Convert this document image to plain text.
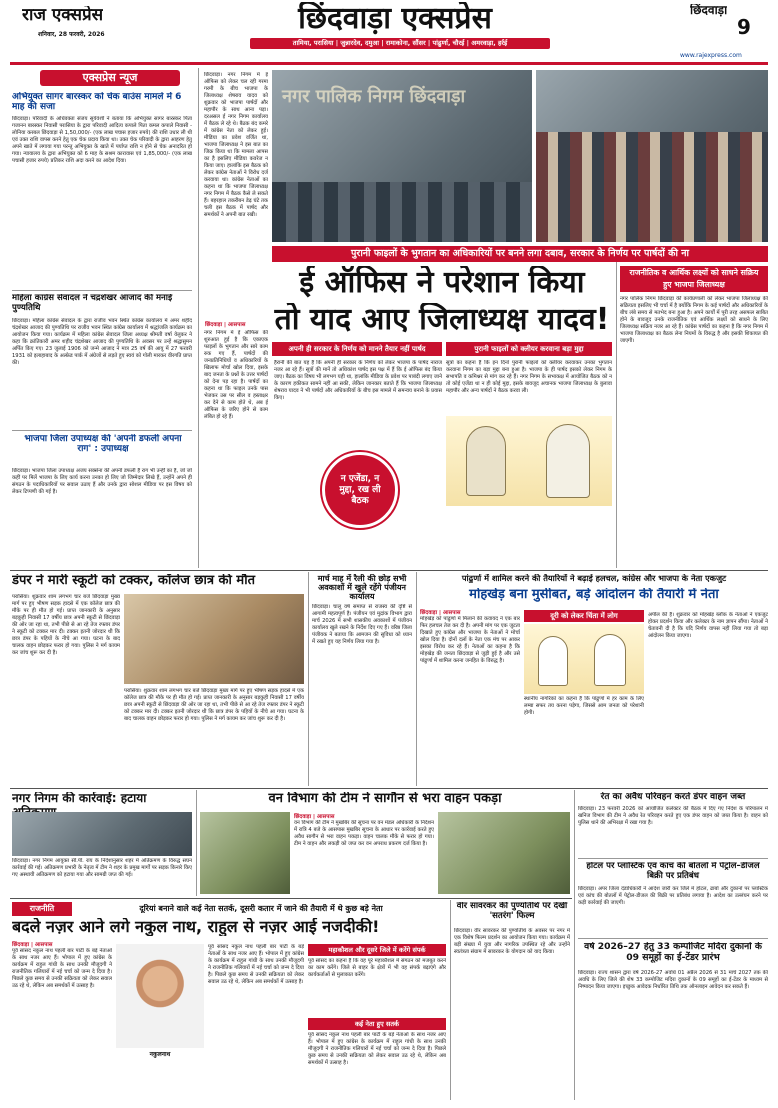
राज एक्सप्रेस
शनिवार, 28 फरवरी, 2026	छिंदवाड़ा एक्सप्रेस
तामिया, परासिया | जुन्नारदेव, दमुआ | रामाकोना, सौंसर | पांढुर्णा, चौरई | अमरवाड़ा, हर्रई
छिंदवाड़ा
9
www.rajexpress.com
एक्सप्रेस न्यूज
अभियुक्त सागर बारस्कर को चेक बाउंस मामले में 6 माह की सजा
छिंदवाड़ा। परिवादी के अधिवक्ता संजय सूर्यवंशी ने बताया कि अभियुक्त सागर बारस्कर पिता गजानन बारस्कर निवासी परासिया के द्वारा परिवादी आदित्य कपाले पिता कमल कपाले निवासी - लोनिया करबल छिंदवाड़ा से 1,50,000/- (एक लाख पचास हजार रुपये) की राशि उधार ली थी एवं उक्त राशि वापस करने हेतु एक चेक प्रदाय किया था। उक्त चेक परिवादी के द्वारा आहरण हेतु अपने खाते में लगाया गया परन्तु अभियुक्त के खाते में पर्याप्त राशि न होने से चेक अनादरित हो गया। न्यायालय के द्वारा अभियुक्त को 6 माह के सश्रम कारावास एवं 1,85,000/- (एक लाख पचासी हजार रुपये) प्रतिकर राशि अदा करने का आदेश दिया।
महिला कांग्रेस सेवादल ने चंद्रशेखर आजाद की मनाई पुण्यतिथि
छिंदवाड़ा। महिला कांग्रेस सेवादल के द्वारा राजीव भवन स्थित कांग्रेस कार्यालय में अमर शहीद चंद्रशेखर आजाद की पुण्यतिथि पर राजीव भवन स्थित कांग्रेस कार्यालय में श्रद्धांजलि कार्यक्रम का आयोजन किया गया। कार्यक्रम में महिला कांग्रेस सेवादल जिला अध्यक्ष श्रीमती वर्षा वेलुकर ने कहा कि क्रांतिकारी अमर शहीद चंद्रशेखर आजाद की पुण्यतिथि के अवसर पर उन्हें श्रद्धासुमन अर्पित किए गए। 23 जुलाई 1906 को जन्मे आजाद ने मात्र 25 वर्ष की आयु में 27 फरवरी 1931 को इलाहाबाद के अल्फ्रेड पार्क में अंग्रेजों से लड़ते हुए स्वयं को गोली मारकर वीरगति प्राप्त की।
भाजपा जिला उपाध्यक्ष की 'अपनी डफली अपना राग' : उपाध्यक्ष
छिंदवाड़ा। भाजपा जिला उपाध्यक्ष अजय सक्सेना की अपनी डफली है राग भी उन्हीं का है, जो जो कहीं पर मिलें भाजपा के लिए कार्य करना उनका हो लिए जो जिम्मेदार लिखे हैं, उन्होंने अपने ही संगठन के पदाधिकारियों पर सवाल उठाए हैं और उनके द्वारा सोशल मीडिया पर इस विषय को लेकर टिप्पणी की गई है।
छिंदवाड़ा। नगर निगम में ई ऑफिस को लेकर चल रही गरमा गरमी के बीच भाजपा के जिलाध्यक्ष शेषराव यादव को शुक्रवार को भाजपा पार्षदों और महापौर के साथ आना पड़ा। दरअसल ई नगर निगम कार्यालय में बैठक ले रहे थे। बैठक बंद कमरे में कांग्रेस नेता को लेकर हुई। मीडिया का प्रवेश वर्जित था, भाजपा जिलाध्यक्ष ने इस बात का जिक्र किया था कि मामला आपस का है इसलिए मीडिया कवरेज न किया जाए। हालांकि इस बैठक को लेकर कांग्रेस नेताओं ने विरोध दर्ज करवाया था। कांग्रेस नेताओं का कहना था कि भाजपा जिलाध्यक्ष नगर निगम में बैठक कैसे ले सकते हैं। बहरहाल तकरीबन डेढ़ घंटे तक चली इस बैठक में पार्षद और समर्थकों ने अपनी बात रखी।
नगर पालिक निगम छिंदवाड़ा
पुरानी फाइलों के भुगतान का अधिकारियों पर बनने लगा दबाव, सरकार के निर्णय पर पार्षदों की ना
छिंदवाड़ा | आसपास
नगर निगम में ई ऑफिस की शुरुआत हुई है कि एकाएक फाइलों के भुगतान और सारे काम रुक गए हैं, पार्षदों की जनप्रतिनिधियों व अधिकारियों के खिलाफ मोर्चा खोल दिया, इसके बाद जनता के प्रश्नों के उत्तर पार्षदों को देना पड़ रहा है। पार्षदों का कहना था कि फाइल उनके पास भेजकर उस पर सील व हस्ताक्षर कर देने से काम होते थे, अब ई ऑफिस के जरिए होने से काम लंबित हो रहे हैं।
ई ऑफिस ने परेशान किया
तो याद आए जिलाध्यक्ष यादव!
अपनी ही सरकार के निर्णय को मानने तैयार नहीं पार्षद	पुरानी फाइलों को क्लीयर करवाना बड़ा मुद्दा
हैरानी की बात यह है कि अपनी ही सरकार के निर्णय को लेकर भाजपा के पार्षद नाराज नजर आ रहे हैं। सूत्रों की मानें तो अधिकांश पार्षद इस पक्ष में हैं कि ई ऑफिस बंद किया जाए। बैठक का विषय भी लगभग यही था, हालांकि मीडिया के प्रवेश पर पाबंदी लगाए जाने के कारण हकीकत सामने नहीं आ सकी, लेकिन जानकार बताते हैं कि भाजपा जिलाध्यक्ष शेषराव यादव ने भी पार्षदों और अधिकारियों के बीच इस मामले में समन्वय बनाने के प्रयास किए।
सूत्रों का कहना है कि इन दिनों पुरानी फाइलों को क्लीयर करवाकर उनका भुगतान करवाना निगम का बड़ा मुद्दा बना हुआ है। भाजपा के ही पार्षद इसको लेकर निगम के सभापति व कमिश्नर से मांग कर रहे हैं। नगर निगम के सभाकक्ष में आयोजित बैठक को न तो कोई एजेंडा था न ही कोई मुद्दा, इसके बावजूद अचानक भाजपा जिलाध्यक्ष के बुलावा महापौर और अन्य पार्षदों ने बैठक करवा ली।
न एजेंडा, न मुद्दा, रख ली बैठक
राजनीतिक व आर्थिक लक्ष्यों को साधने सक्रिय हुए भाजपा जिलाध्यक्ष
नगर पालिक निगम छिंदवाड़ा की कार्यप्रणाली को लेकर भाजपा जिलाध्यक्ष की सक्रियता इसलिए भी चर्चा में है क्योंकि निगम के कई पार्षदों और अधिकारियों के बीच लंबे समय से मतभेद बना हुआ है। अपने कार्यों में पूरी तरह असफल साबित होने के बावजूद उनके राजनीतिक एवं आर्थिक लक्ष्यों को साधने के लिए जिलाध्यक्ष सक्रिय नजर आ रहे हैं। कांग्रेस पार्षदों का कहना है कि नगर निगम में भाजपा जिलाध्यक्ष का बैठक लेना नियमों के विरुद्ध है और इसकी शिकायत की जाएगी।
डंपर ने मारी स्कूटी को टक्कर, कॉलेज छात्र की मौत
परासिया। शुक्रवार शाम लगभग चार बजे छिंदवाड़ा मुख्य मार्ग पर हुए भीषण सड़क हादसे में एक कॉलेज छात्र की मौके पर ही मौत हो गई। प्राप्त जानकारी के अनुसार बड़कुही निवासी 17 वर्षीय छात्र अपनी स्कूटी से छिंदवाड़ा की ओर जा रहा था, तभी पीछे से आ रहे तेज रफ्तार डंपर ने स्कूटी को टक्कर मार दी। टक्कर इतनी जोरदार थी कि छात्र डंपर के पहियों के नीचे आ गया। घटना के बाद चालक वाहन छोड़कर फरार हो गया। पुलिस ने मर्ग कायम कर जांच शुरू कर दी है।
परासिया। शुक्रवार शाम लगभग चार बजे छिंदवाड़ा मुख्य मार्ग पर हुए भीषण सड़क हादसे में एक कॉलेज छात्र की मौके पर ही मौत हो गई। प्राप्त जानकारी के अनुसार बड़कुही निवासी 17 वर्षीय छात्र अपनी स्कूटी से छिंदवाड़ा की ओर जा रहा था, तभी पीछे से आ रहे तेज रफ्तार डंपर ने स्कूटी को टक्कर मार दी। टक्कर इतनी जोरदार थी कि छात्र डंपर के पहियों के नीचे आ गया। घटना के बाद चालक वाहन छोड़कर फरार हो गया। पुलिस ने मर्ग कायम कर जांच शुरू कर दी है।
मार्च माह में रैली की छोड़ सभी अवकाशों में खुले रहेंगे पंजीयन कार्यालय
छिंदवाड़ा। चालू वर्ष समाप्त से राजस्व की दृष्टि से आगामी महत्वपूर्ण है। पंजीयन एवं मुद्रांक विभाग द्वारा मार्च 2026 में सभी शासकीय अवकाशों में पंजीयन कार्यालय खुले रखने के निर्देश दिए गए हैं। वरिष्ठ जिला पंजीयक ने बताया कि आमजन की सुविधा को ध्यान में रखते हुए यह निर्णय लिया गया है।
पांढुर्णा में शामिल करने की तैयारियों ने बढ़ाई हलचल, कांग्रेस और भाजपा के नेता एकजुट
मोहखेड़ बना मुसीबत, बड़े आंदोलन की तैयारी में नेता
छिंदवाड़ा | आसपास
मोहखेड़ को पांढुर्णा में मिलाने की कवायद ने एक बार फिर हलचल तेज कर दी है। अपनी मांग पर एक जुटता दिखाते हुए कांग्रेस और भाजपा के नेताओं ने मोर्चा खोल दिया है। दोनों दलों के नेता एक मंच पर आकर इसका विरोध कर रहे हैं। नेताओं का कहना है कि मोहखेड़ की जनता छिंदवाड़ा से जुड़ी हुई है और उसे पांढुर्णा में शामिल करना जनहित के विरुद्ध है।
दूरी को लेकर चिंता में लोग
स्थानीय नागरिकों का कहना है कि पांढुर्णा में हर काम के लिए लम्बा सफर तय करना पड़ेगा, जिससे आम जनता को परेशानी होगी।
अपील की है। शुक्रवार को मोहखेड़ ब्लॉक के नेताओं ने एकजुट होकर प्रदर्शन किया और कलेक्टर के नाम ज्ञापन सौंपा। नेताओं ने चेतावनी दी है कि यदि निर्णय वापस नहीं लिया गया तो बड़ा आंदोलन किया जाएगा।
नगर निगम की कार्रवाई: हटाया
छिंदवाड़ा। नगर निगम आयुक्त सी.पी. राय के निर्देशानुसार शहर में अतिक्रमण के विरुद्ध सघन कार्रवाई की गई। अतिक्रमण प्रभारी के नेतृत्व में टीम ने शहर के प्रमुख मार्गों पर सड़क किनारे किए गए अस्थायी अतिक्रमण को हटाया गया और सामग्री जप्त की गई।
वन विभाग की टीम ने सागौन से भरा वाहन पकड़ा
छिंदवाड़ा | आसपास
वन विभाग की टीम ने मुखबिर की सूचना पर वन मंडल अधिकारी के निर्देशन में रात्रि 4 बजे के आसपास मुखबिर सूचना के आधार पर कार्रवाई करते हुए अवैध सागौन से भरा वाहन पकड़ा। वाहन चालक मौके से फरार हो गया। टीम ने वाहन और लकड़ी को जप्त कर वन अपराध प्रकरण दर्ज किया है।
रेत का अवैध परिवहन करते डंपर वाहन जब्त
छिंदवाड़ा। 23 फरवरी 2026 को आयोजित कलेक्टर की बैठक में दिए गए निर्देश के परिपालन में खनिज विभाग की टीम ने अवैध रेत परिवहन करते हुए एक डंपर वाहन को जब्त किया है। वाहन को पुलिस थाने की अभिरक्षा में रखा गया है।
होटल पर प्लास्टिक एवं कांच की बोतलों में पेट्रोल–डीजल बिक्री पर प्रतिबंध
छिंदवाड़ा। अपर जिला दंडाधिकारी ने आदेश जारी कर जिले में होटल, ढाबों और दुकानों पर प्लास्टिक एवं कांच की बोतलों में पेट्रोल-डीजल की बिक्री पर प्रतिबंध लगाया है। आदेश का उल्लंघन करने पर कड़ी कार्रवाई की जाएगी।
वर्ष 2026–27 हेतु 33 कम्पोजिट मदिरा दुकानों के 09 समूहों का ई-टेंडर प्रारंभ
छिंदवाड़ा। राज्य शासन द्वारा वर्ष 2026-27 अवधि 01 अप्रैल 2026 से 31 मार्च 2027 तक की अवधि के लिए जिले की शेष 33 कम्पोजिट मदिरा दुकानों के 09 समूहों का ई-टेंडर के माध्यम से निष्पादन किया जाएगा। इच्छुक आवेदक निर्धारित तिथि तक ऑनलाइन आवेदन कर सकते हैं।
राजनीति	दूरियां बनाने वाले कई नेता सतर्क, दूसरी कतार में जाने की तैयारी में थे कुछ बड़े नेता
बदले नज़र आने लगे नकुल नाथ, राहुल से नज़र आई नजदीकी!
छिंदवाड़ा | आसपास
पूर्व सांसद नकुल नाथ पहली बार पार्टी के बड़े नेताओं के साथ नजर आए हैं। भोपाल में हुए कांग्रेस के कार्यक्रम में राहुल गांधी के साथ उनकी मौजूदगी ने राजनीतिक गलियारों में नई चर्चा को जन्म दे दिया है। पिछले कुछ समय से उनकी सक्रियता को लेकर सवाल उठ रहे थे, लेकिन अब समर्थकों में उत्साह है।
नकुलनाथ
पूर्व सांसद नकुल नाथ पहली बार पार्टी के बड़े नेताओं के साथ नजर आए हैं। भोपाल में हुए कांग्रेस के कार्यक्रम में राहुल गांधी के साथ उनकी मौजूदगी ने राजनीतिक गलियारों में नई चर्चा को जन्म दे दिया है। पिछले कुछ समय से उनकी सक्रियता को लेकर सवाल उठ रहे थे, लेकिन अब समर्थकों में उत्साह है।
महाकौशल और दूसरे जिले में करेंगे संपर्क
पूर्व सांसद का कहना है कि वह पूरे महाकौशल में संगठन को मजबूत करने का काम करेंगे। जिले से बाहर के क्षेत्रों में भी वह संपर्क बढ़ाएंगे और कार्यकर्ताओं से मुलाकात करेंगे।
कई नेता हुए सतर्क
पूर्व सांसद नकुल नाथ पहली बार पार्टी के बड़े नेताओं के साथ नजर आए हैं। भोपाल में हुए कांग्रेस के कार्यक्रम में राहुल गांधी के साथ उनकी मौजूदगी ने राजनीतिक गलियारों में नई चर्चा को जन्म दे दिया है। पिछले कुछ समय से उनकी सक्रियता को लेकर सवाल उठ रहे थे, लेकिन अब समर्थकों में उत्साह है।
वीर सावरकर की पुण्यतिथि पर देखी 'सतरंग' फिल्म
छिंदवाड़ा। वीर सावरकर की पुण्यतिथि के अवसर पर नगर में एक विशेष फिल्म प्रदर्शन का आयोजन किया गया। कार्यक्रम में बड़ी संख्या में युवा और नागरिक उपस्थित रहे और उन्होंने स्वतंत्रता संग्राम में सावरकर के योगदान को याद किया।
